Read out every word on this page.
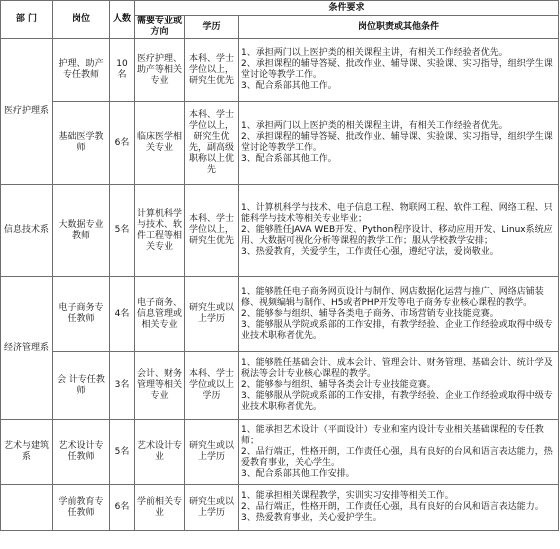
部 门	岗位	人数	条件要求		
			需要专业或方向	学历	岗位职责或其他条件
医疗护理系	护理、助产专任教师	10名	医疗护理、助产等相关专业	本科、学士学位以上，研究生优先	1、承担两门以上医护类的相关课程主讲，有相关工作经验者优先。
2、承担课程的辅导答疑、批改作业、辅导课、实验课、实习指导，组织学生课堂讨论等教学工作。
3、配合系部其他工作。

	基础医学教师	6名	临床医学相关专业	本科、学士学位以上，研究生优先，副高级职称以上优先	1、承担两门以上医护类的相关课程主讲，有相关工作经验者优先。
2、承担课程的辅导答疑、批改作业、辅导课、实验课、实习指导，组织学生课堂讨论等教学工作。
3、配合系部其他工作。

信息技术系	大数据专业教师	5名	计算机科学与技术、软件工程等相关专业	本科、学士学位以上，研究生优先	1、计算机科学与技术、电子信息工程、物联网工程、软件工程、网络工程、只能科学与技术等相关专业毕业；
2、能够胜任JAVA WEB开发、Python程序设计、移动应用开发、Linux系统应用、大数据可视化分析等课程的教学工作；服从学校教学安排；
3、热爱教育，关爱学生，工作责任心强，遵纪守法，爱岗敬业。

经济管理系	电子商务专任教师	4名	电子商务、信息管理或相关专业	研究生或以上学历	1、能够胜任电子商务网页设计与制作、网店数据化运营与推广、网络店铺装修、视频编辑与制作、H5或者PHP开发等电子商务专业核心课程的教学。
2、能够参与组织、辅导各类电子商务、市场营销专业技能竞赛。
3、能够服从学院或系部的工作安排，有教学经验、企业工作经验或取得中级专业技术职称者优先。

	会 计专任教师	3名	会计、财务管理等相关专业	本科、学士学位或以上学历	1、能够胜任基础会计、成本会计、管理会计、财务管理、基础会计、统计学及税法等会计专业核心课程的教学。
2、能够参与组织、辅导各类会计专业技能竞赛。
3、能够服从学院或系部的工作安排，有教学经验、企业工作经验或取得中级专业技术职称者优先。

艺术与建筑系	艺术设计专任教师	5名	艺术设计专业	研究生或以上学历	1、能承担艺术设计（平面设计）专业和室内设计专业相关基础课程的专任教师；
2、品行端正，性格开朗，工作责任心强，具有良好的台风和语言表达能力，热爱教育事业，关心学生。
3、配合系部其他工作安排。

	学前教育专任教师	6名	学前相关专业	研究生或以上学历	1、能承担相关课程教学，实训实习安排等相关工作。
2、品行端正，性格开朗，工作责任心强，具有良好的台风和语言表达能力。
3、热爱教育事业，关心爱护学生。
